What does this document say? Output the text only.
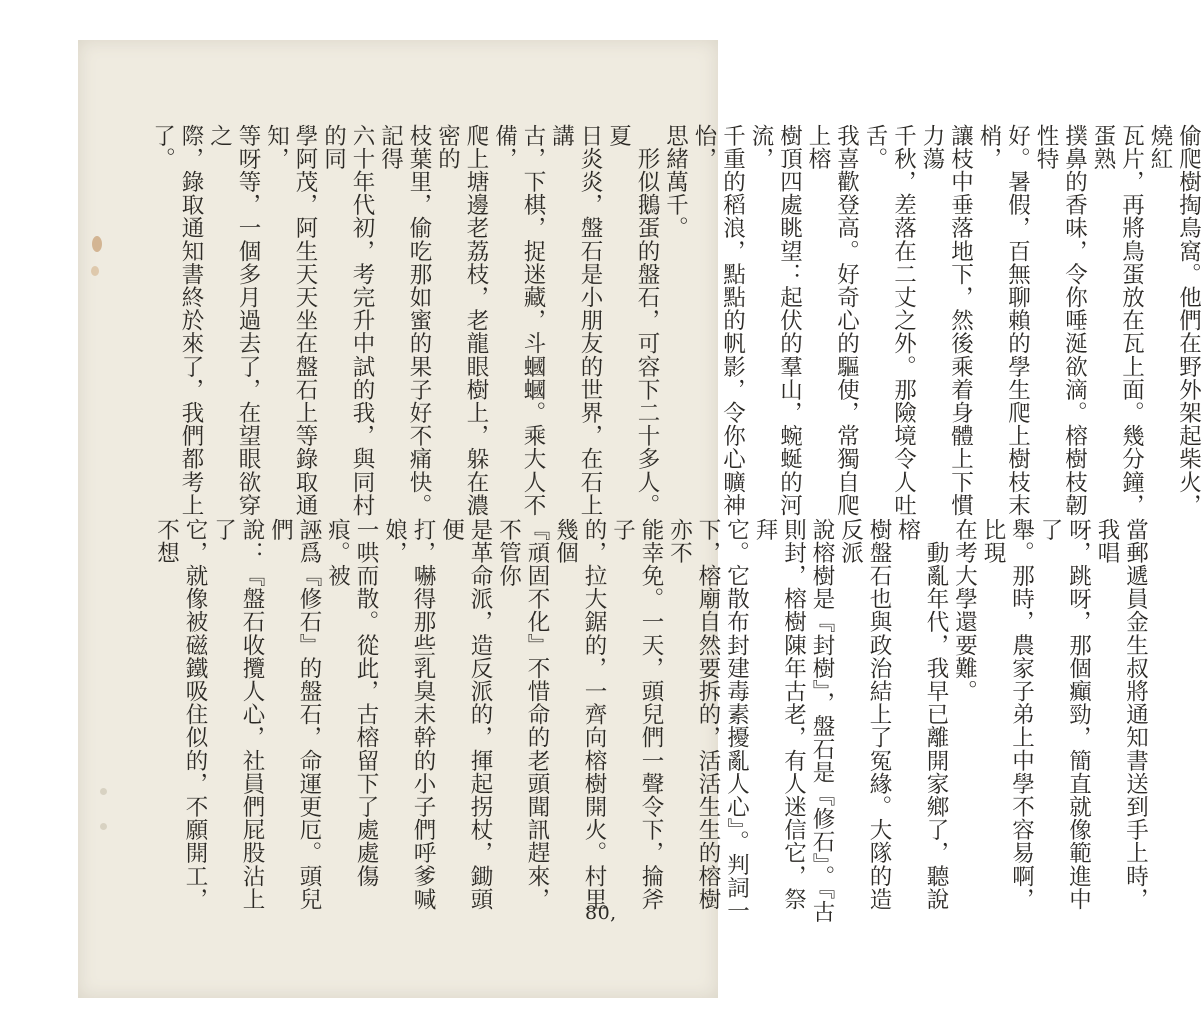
偷爬樹掏鳥窩。他們在野外架起柴火，燒紅
瓦片，再將鳥蛋放在瓦上面。幾分鐘，蛋熟
撲鼻的香味，令你唾涎欲滴。榕樹枝韌性特
好。暑假，百無聊賴的學生爬上樹枝末梢，
讓枝中垂落地下，然後乘着身體上下慣力蕩
千秋，差落在二丈之外。那險境令人吐舌。
我喜歡登高。好奇心的驅使，常獨自爬上榕
樹頂四處眺望：起伏的羣山，蜿蜒的河流，
千重的稻浪，點點的帆影，令你心曠神怡，
思緒萬千。
　形似鵝蛋的盤石，可容下二十多人。夏
日炎炎，盤石是小朋友的世界，在石上講
古，下棋，捉迷藏，斗蟈蟈。乘大人不備，
爬上塘邊老荔枝，老龍眼樹上，躲在濃密的
枝葉里，偷吃那如蜜的果子好不痛快。記得
六十年代初，考完升中試的我，與同村的同
學阿茂，阿生天天坐在盤石上等錄取通知，
等呀等，一個多月過去了，在望眼欲穿之
際，錄取通知書終於來了，我們都考上了。
當郵遞員金生叔將通知書送到手上時，我唱
呀，跳呀，那個癲勁，簡直就像範進中了
舉。那時，農家子弟上中學不容易啊，比現
在考大學還要難。
　動亂年代，我早已離開家鄉了，聽說榕
樹盤石也與政治結上了冤緣。大隊的造反派
說榕樹是『封樹』，盤石是『修石』。『古
則封，榕樹陳年古老，有人迷信它，祭拜
它。它散布封建毒素擾亂人心』。判詞一
下，榕廟自然要拆的，活活生生的榕樹亦不
能幸免。一天，頭兒們一聲令下，掄斧子
的，拉大鋸的，一齊向榕樹開火。村里幾個
『頑固不化』不惜命的老頭聞訊趕來，不管你
是革命派，造反派的，揮起拐杖，鋤頭便
打，嚇得那些乳臭未幹的小子們呼爹喊娘，
一哄而散。從此，古榕留下了處處傷痕。被
誣爲『修石』的盤石，命運更厄。頭兒們
說：『盤石收攬人心，社員們屁股沾上了
它，就像被磁鐵吸住似的，不願開工，不想
80,
